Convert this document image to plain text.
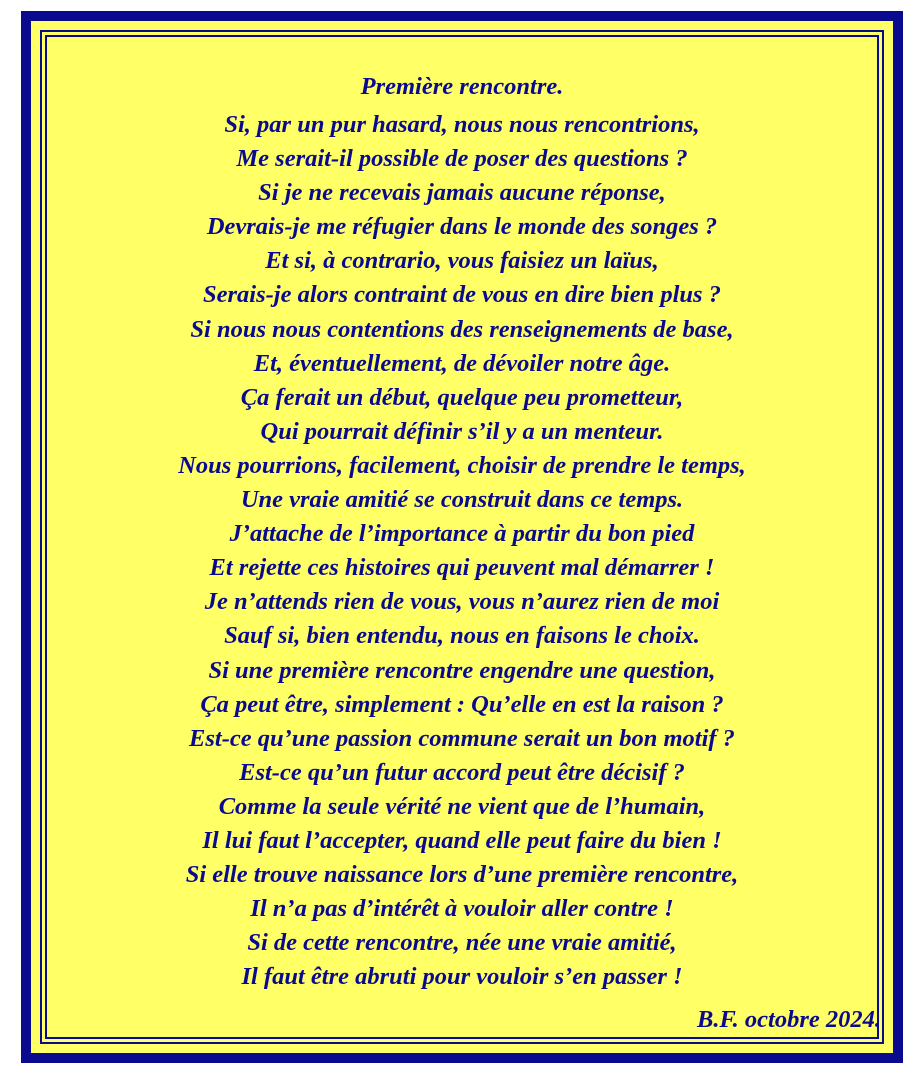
Première rencontre.
Si, par un pur hasard, nous nous rencontrions,
Me serait-il possible de poser des questions ?
Si je ne recevais jamais aucune réponse,
Devrais-je me réfugier dans le monde des songes ?
Et si, à contrario, vous faisiez un laïus,
Serais-je alors contraint de vous en dire bien plus ?
Si nous nous contentions des renseignements de base,
Et, éventuellement, de dévoiler notre âge.
Ça ferait un début, quelque peu prometteur,
Qui pourrait définir s’il y a un menteur.
Nous pourrions, facilement, choisir de prendre le temps,
Une vraie amitié se construit dans ce temps.
J’attache de l’importance à partir du bon pied
Et rejette ces histoires qui peuvent mal démarrer !
Je n’attends rien de vous, vous n’aurez rien de moi
Sauf si, bien entendu, nous en faisons le choix.
Si une première rencontre engendre une question,
Ça peut être, simplement : Qu’elle en est la raison ?
Est-ce qu’une passion commune serait un bon motif ?
Est-ce qu’un futur accord peut être décisif ?
Comme la seule vérité ne vient que de l’humain,
Il lui faut l’accepter, quand elle peut faire du bien !
Si elle trouve naissance lors d’une première rencontre,
Il n’a pas d’intérêt à vouloir aller contre !
Si de cette rencontre, née une vraie amitié,
Il faut être abruti pour vouloir s’en passer !
B.F. octobre 2024.
